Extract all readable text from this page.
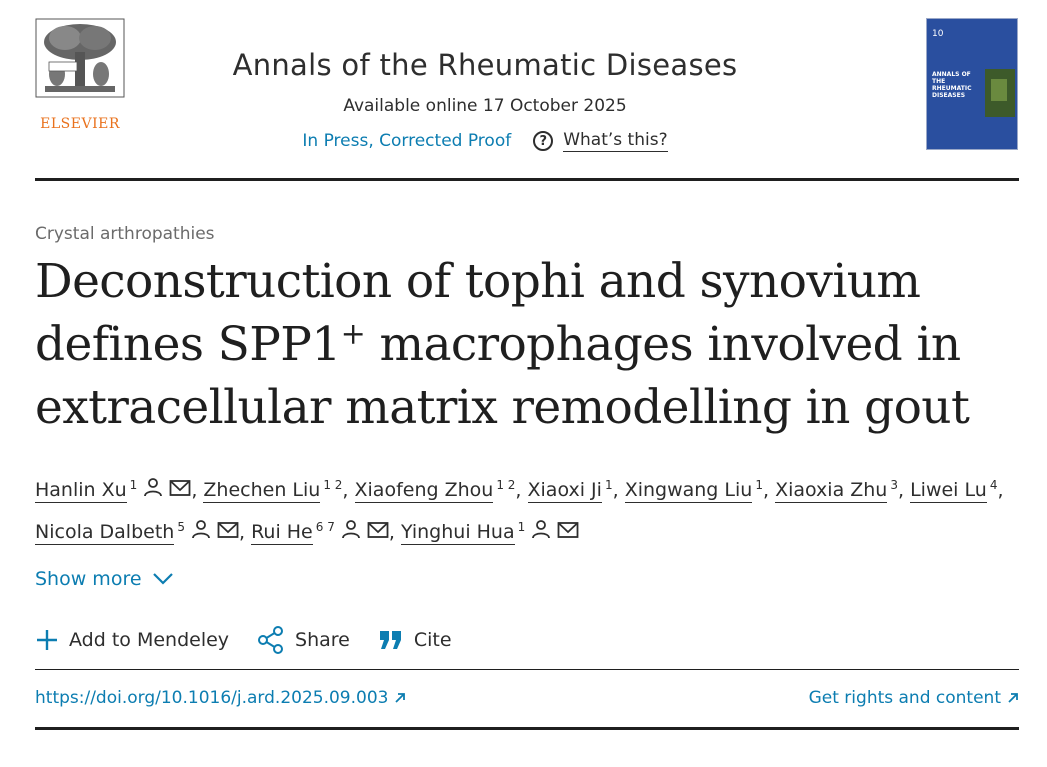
ELSEVIER
Annals of the Rheumatic Diseases
Available online 17 October 2025
In Press, Corrected Proof	? What’s this?
10
ANNALS OF THE RHEUMATIC DISEASES
Crystal arthropathies
Deconstruction of tophi and synovium defines SPP1+ macrophages involved in extracellular matrix remodelling in gout
Hanlin Xu $^1$	, Zhechen Liu $^{1 2}$, Xiaofeng Zhou $^{1 2}$, Xiaoxi Ji $^1$, Xingwang Liu $^1$, Xiaoxia Zhu $^3$, Liwei Lu $^4$, Nicola Dalbeth $^5$	, Rui He $^{6 7}$	, Yinghui Hua $^1$
Show more
Add to Mendeley	Share	Cite
https://doi.org/10.1016/j.ard.2025.09.003	Get rights and content
